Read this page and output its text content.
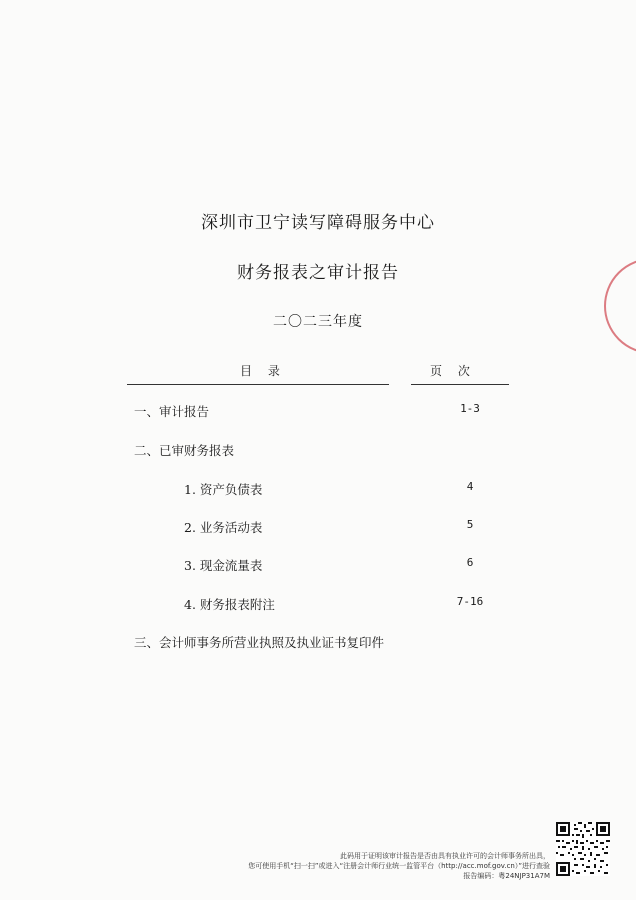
深圳市卫宁读写障碍服务中心
财务报表之审计报告
二〇二三年度
目 录	页 次
一、审计报告	1-3
二、已审财务报表
1. 资产负债表	4
2. 业务活动表	5
3. 现金流量表	6
4. 财务报表附注	7-16
三、会计师事务所营业执照及执业证书复印件
此码用于证明该审计报告是否由具有执业许可的会计师事务所出具，
您可使用手机“扫一扫”或进入“注册会计师行业统一监管平台（http://acc.mof.gov.cn）”进行查验
报告编码：粤24NJP31A7M
